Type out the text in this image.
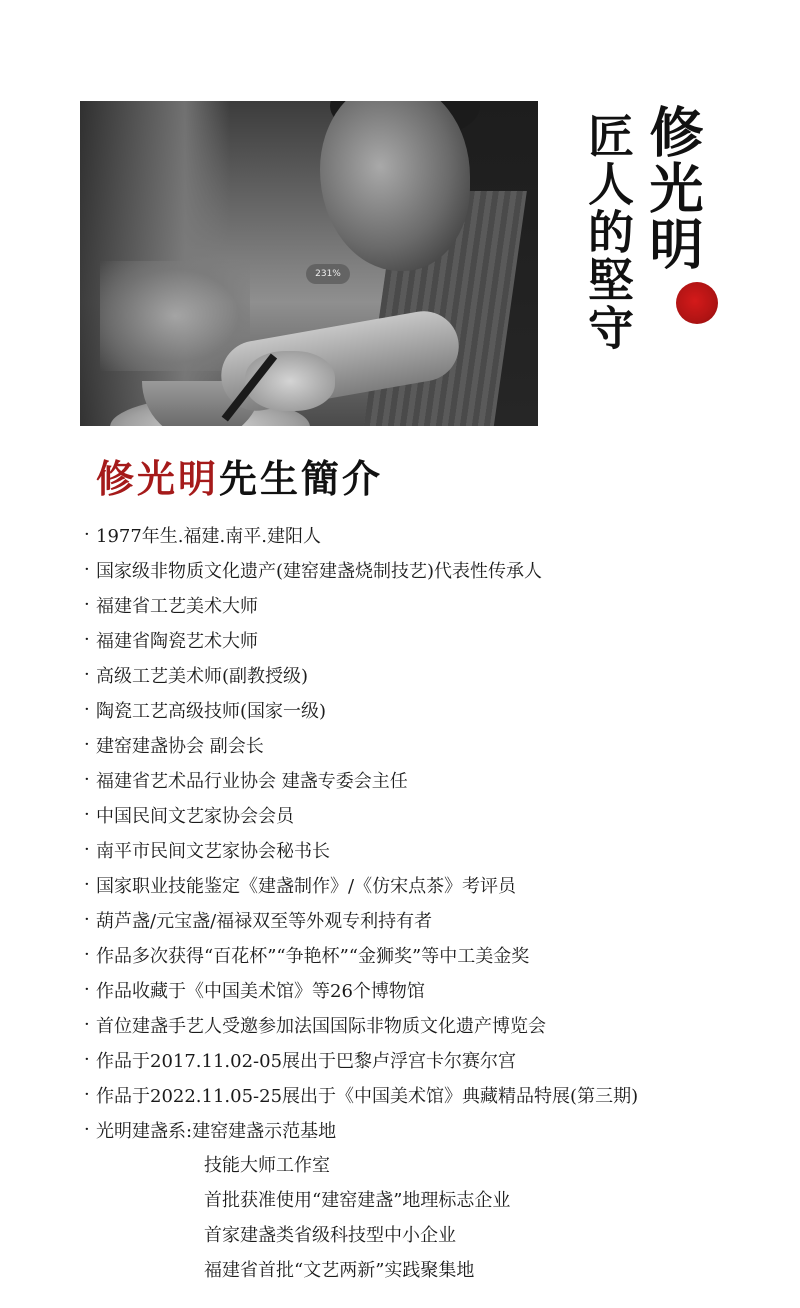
231%
修光明
匠人的堅守
修光明先生簡介
· 1977年生.福建.南平.建阳人
· 国家级非物质文化遗产(建窑建盏烧制技艺)代表性传承人
· 福建省工艺美术大师
· 福建省陶瓷艺术大师
· 高级工艺美术师(副教授级)
· 陶瓷工艺高级技师(国家一级)
· 建窑建盏协会 副会长
· 福建省艺术品行业协会 建盏专委会主任
· 中国民间文艺家协会会员
· 南平市民间文艺家协会秘书长
· 国家职业技能鉴定《建盏制作》/《仿宋点茶》考评员
· 葫芦盏/元宝盏/福禄双至等外观专利持有者
· 作品多次获得“百花杯”“争艳杯”“金狮奖”等中工美金奖
· 作品收藏于《中国美术馆》等26个博物馆
· 首位建盏手艺人受邀参加法国国际非物质文化遗产博览会
· 作品于2017.11.02-05展出于巴黎卢浮宫卡尔赛尔宫
· 作品于2022.11.05-25展出于《中国美术馆》典藏精品特展(第三期)
· 光明建盏系:建窑建盏示范基地
技能大师工作室
首批获准使用“建窑建盏”地理标志企业
首家建盏类省级科技型中小企业
福建省首批“文艺两新”实践聚集地
